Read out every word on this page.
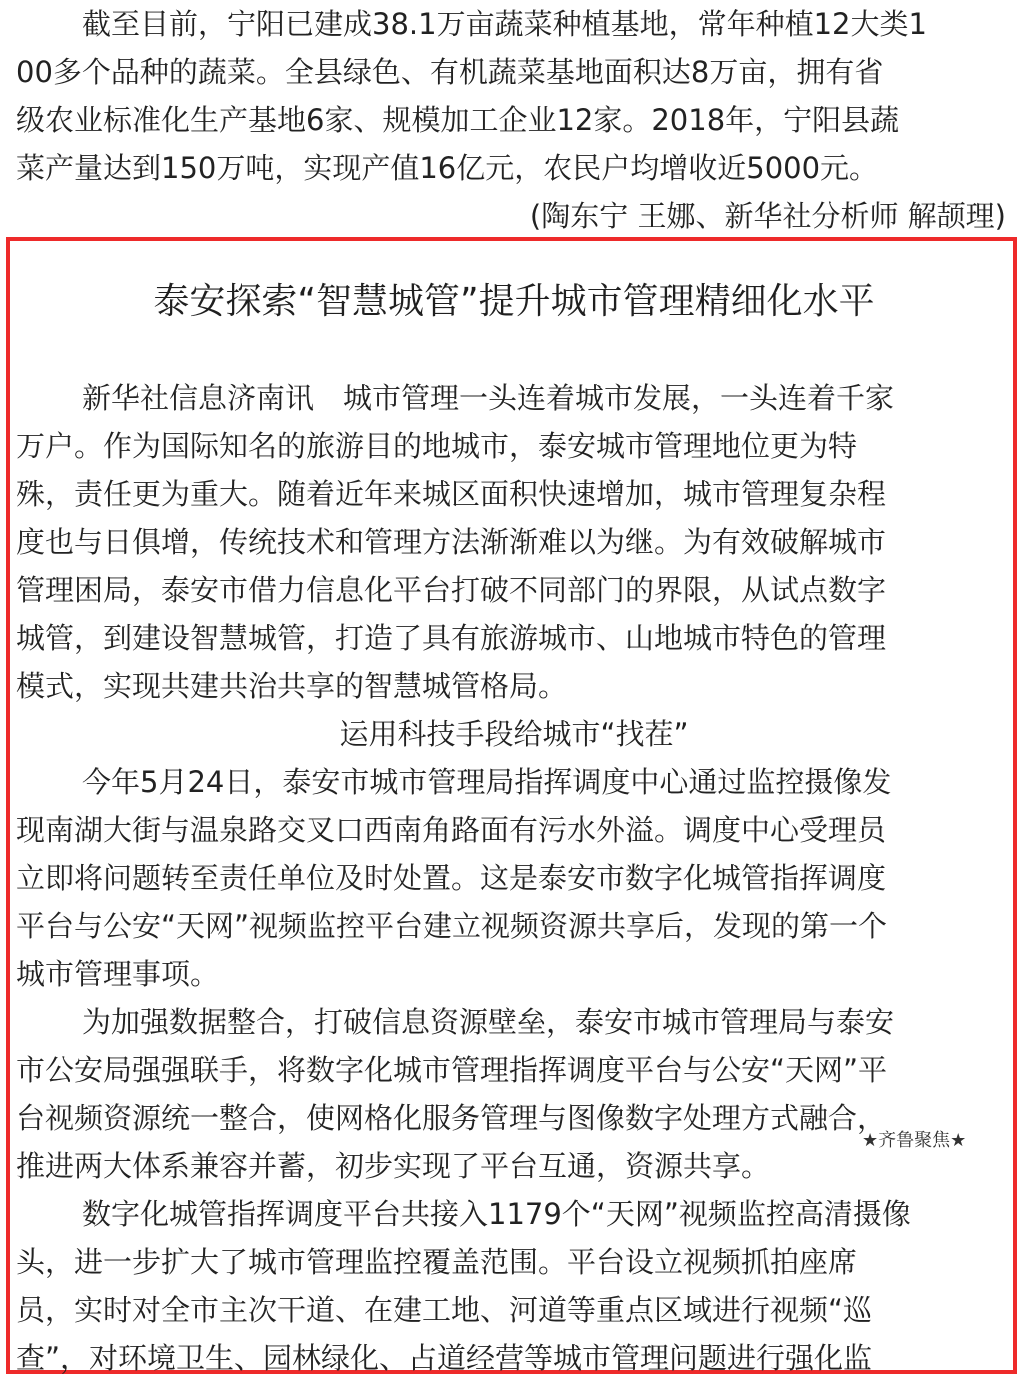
截至目前，宁阳已建成38.1万亩蔬菜种植基地，常年种植12大类1
00多个品种的蔬菜。全县绿色、有机蔬菜基地面积达8万亩，拥有省
级农业标准化生产基地6家、规模加工企业12家。2018年，宁阳县蔬
菜产量达到150万吨，实现产值16亿元，农民户均增收近5000元。
(陶东宁 王娜、新华社分析师 解颉理)
泰安探索“智慧城管”提升城市管理精细化水平
新华社信息济南讯　城市管理一头连着城市发展，一头连着千家
万户。作为国际知名的旅游目的地城市，泰安城市管理地位更为特
殊，责任更为重大。随着近年来城区面积快速增加，城市管理复杂程
度也与日俱增，传统技术和管理方法渐渐难以为继。为有效破解城市
管理困局，泰安市借力信息化平台打破不同部门的界限，从试点数字
城管，到建设智慧城管，打造了具有旅游城市、山地城市特色的管理
模式，实现共建共治共享的智慧城管格局。
运用科技手段给城市“找茬”
今年5月24日，泰安市城市管理局指挥调度中心通过监控摄像发
现南湖大街与温泉路交叉口西南角路面有污水外溢。调度中心受理员
立即将问题转至责任单位及时处置。这是泰安市数字化城管指挥调度
平台与公安“天网”视频监控平台建立视频资源共享后，发现的第一个
城市管理事项。
为加强数据整合，打破信息资源壁垒，泰安市城市管理局与泰安
市公安局强强联手，将数字化城市管理指挥调度平台与公安“天网”平
台视频资源统一整合，使网格化服务管理与图像数字处理方式融合，
推进两大体系兼容并蓄，初步实现了平台互通，资源共享。
数字化城管指挥调度平台共接入1179个“天网”视频监控高清摄像
头，进一步扩大了城市管理监控覆盖范围。平台设立视频抓拍座席
员，实时对全市主次干道、在建工地、河道等重点区域进行视频“巡
查”，对环境卫生、园林绿化、占道经营等城市管理问题进行强化监
★齐鲁聚焦★
